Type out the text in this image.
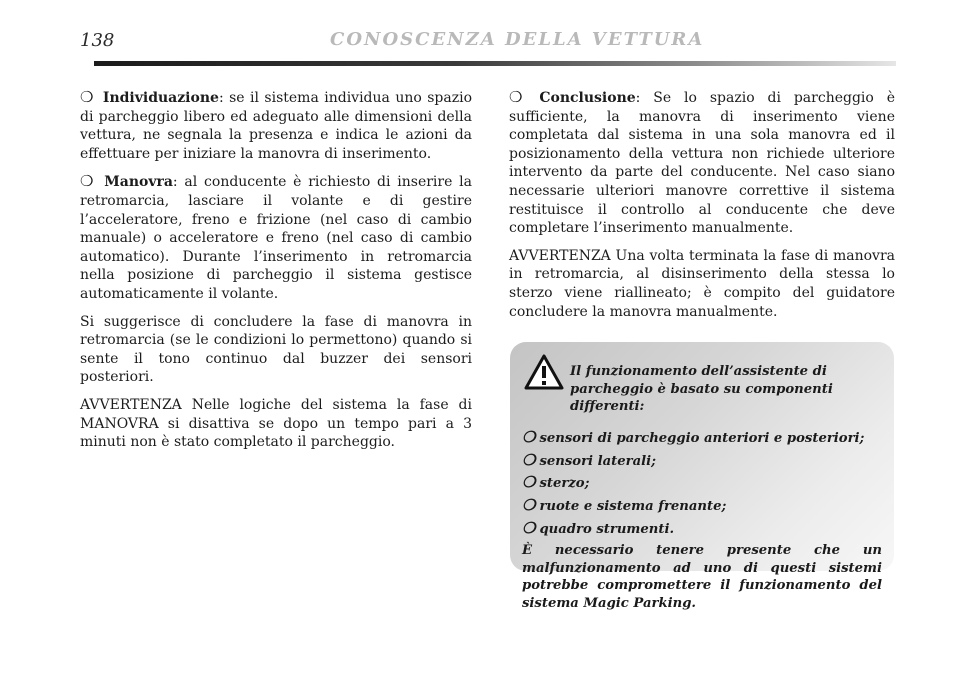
138	CONOSCENZA DELLA VETTURA

❍ Individuazione: se il sistema individua uno spazio di parcheggio libero ed adeguato alle dimensioni della vettura, ne segnala la presenza e indica le azioni da effettuare per iniziare la manovra di inserimento.

❍ Manovra: al conducente è richiesto di inserire la retromarcia, lasciare il volante e di gestire l’acceleratore, freno e frizione (nel caso di cambio manuale) o acceleratore e freno (nel caso di cambio automatico). Durante l’inserimento in retromarcia nella posizione di parcheggio il sistema gestisce automaticamente il volante.

Si suggerisce di concludere la fase di manovra in retromarcia (se le condizioni lo permettono) quando si sente il tono continuo dal buzzer dei sensori posteriori.

AVVERTENZA Nelle logiche del sistema la fase di MANOVRA si disattiva se dopo un tempo pari a 3 minuti non è stato completato il parcheggio.

❍ Conclusione: Se lo spazio di parcheggio è sufficiente, la manovra di inserimento viene completata dal sistema in una sola manovra ed il posizionamento della vettura non richiede ulteriore intervento da parte del conducente. Nel caso siano necessarie ulteriori manovre correttive il sistema restituisce il controllo al conducente che deve completare l’inserimento manualmente.

AVVERTENZA Una volta terminata la fase di manovra in retromarcia, al disinserimento della stessa lo sterzo viene riallineato; è compito del guidatore concludere la manovra manualmente.

Il funzionamento dell’assistente di parcheggio è basato su componenti differenti:

❍ sensori di parcheggio anteriori e posteriori;
❍ sensori laterali;
❍ sterzo;
❍ ruote e sistema frenante;
❍ quadro strumenti.

È necessario tenere presente che un malfunzionamento ad uno di questi sistemi potrebbe compromettere il funzionamento del sistema Magic Parking.
